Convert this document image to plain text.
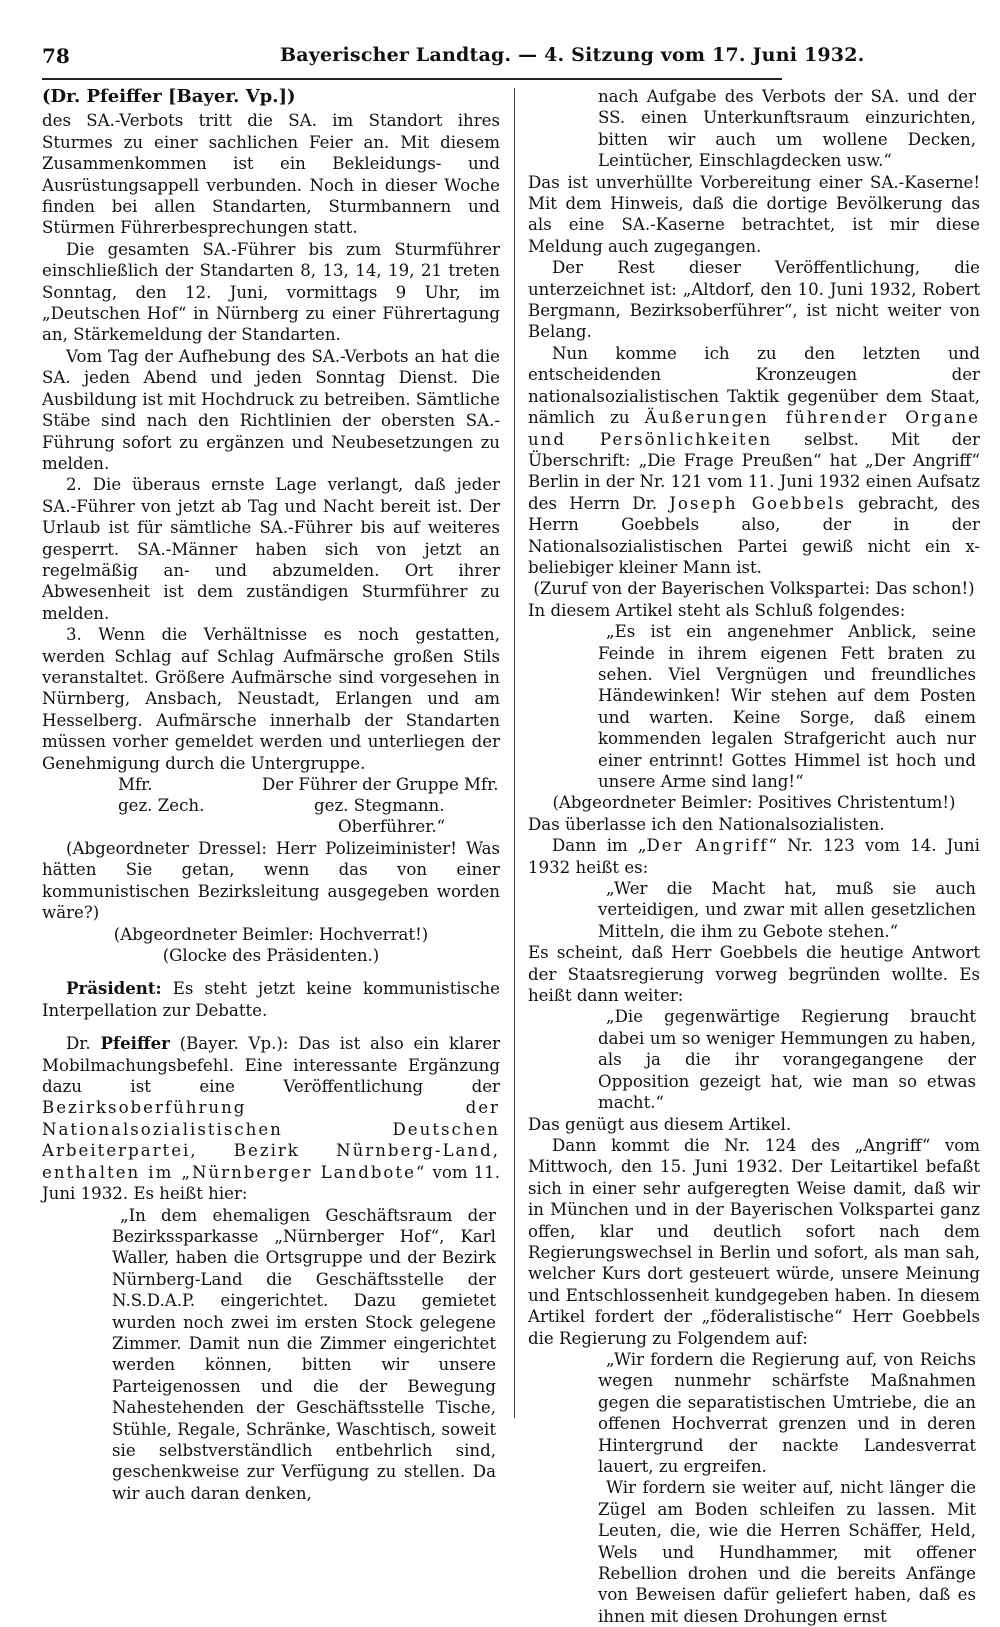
78	Bayerischer Landtag. — 4. Sitzung vom 17. Juni 1932.

(Dr. Pfeiffer [Bayer. Vp.])

des SA.-Verbots tritt die SA. im Standort ihres Sturmes zu einer sachlichen Feier an. Mit diesem Zusammenkommen ist ein Bekleidungs- und Ausrüstungsappell verbunden. Noch in dieser Woche finden bei allen Standarten, Sturmbannern und Stürmen Führerbesprechungen statt.

Die gesamten SA.-Führer bis zum Sturmführer einschließlich der Standarten 8, 13, 14, 19, 21 treten Sonntag, den 12. Juni, vormittags 9 Uhr, im „Deutschen Hof“ in Nürnberg zu einer Führertagung an, Stärkemeldung der Standarten.

Vom Tag der Aufhebung des SA.-Verbots an hat die SA. jeden Abend und jeden Sonntag Dienst. Die Ausbildung ist mit Hochdruck zu betreiben. Sämtliche Stäbe sind nach den Richtlinien der obersten SA.-Führung sofort zu ergänzen und Neubesetzungen zu melden.

2. Die überaus ernste Lage verlangt, daß jeder SA.-Führer von jetzt ab Tag und Nacht bereit ist. Der Urlaub ist für sämtliche SA.-Führer bis auf weiteres gesperrt. SA.-Männer haben sich von jetzt an regelmäßig an- und abzumelden. Ort ihrer Abwesenheit ist dem zuständigen Sturmführer zu melden.

3. Wenn die Verhältnisse es noch gestatten, werden Schlag auf Schlag Aufmärsche großen Stils veranstaltet. Größere Aufmärsche sind vorgesehen in Nürnberg, Ansbach, Neustadt, Erlangen und am Hesselberg. Aufmärsche innerhalb der Standarten müssen vorher gemeldet werden und unterliegen der Genehmigung durch die Untergruppe.

Mfr.
gez. Zech.
Der Führer der Gruppe Mfr.
gez. Stegmann.
Oberführer.“

(Abgeordneter Dressel: Herr Polizeiminister! Was hätten Sie getan, wenn das von einer kommunistischen Bezirksleitung ausgegeben worden wäre?)

(Abgeordneter Beimler: Hochverrat!)

(Glocke des Präsidenten.)

Präsident: Es steht jetzt keine kommunistische Interpellation zur Debatte.

Dr. Pfeiffer (Bayer. Vp.): Das ist also ein klarer Mobilmachungsbefehl. Eine interessante Ergänzung dazu ist eine Veröffentlichung der Bezirksoberführung der Nationalsozialistischen Deutschen Arbeiterpartei, Bezirk Nürnberg-Land, enthalten im „Nürnberger Landbote“ vom 11. Juni 1932. Es heißt hier:

„In dem ehemaligen Geschäftsraum der Bezirkssparkasse „Nürnberger Hof“, Karl Waller, haben die Ortsgruppe und der Bezirk Nürnberg-Land die Geschäftsstelle der N.S.D.A.P. eingerichtet. Dazu gemietet wurden noch zwei im ersten Stock gelegene Zimmer. Damit nun die Zimmer eingerichtet werden können, bitten wir unsere Parteigenossen und die der Bewegung Nahestehenden der Geschäftsstelle Tische, Stühle, Regale, Schränke, Waschtisch, soweit sie selbstverständlich entbehrlich sind, geschenkweise zur Verfügung zu stellen. Da wir auch daran denken,

nach Aufgabe des Verbots der SA. und der SS. einen Unterkunftsraum einzurichten, bitten wir auch um wollene Decken, Leintücher, Einschlagdecken usw.“

Das ist unverhüllte Vorbereitung einer SA.-Kaserne! Mit dem Hinweis, daß die dortige Bevölkerung das als eine SA.-Kaserne betrachtet, ist mir diese Meldung auch zugegangen.

Der Rest dieser Veröffentlichung, die unterzeichnet ist: „Altdorf, den 10. Juni 1932, Robert Bergmann, Bezirksoberführer“, ist nicht weiter von Belang.

Nun komme ich zu den letzten und entscheidenden Kronzeugen der nationalsozialistischen Taktik gegenüber dem Staat, nämlich zu Äußerungen führender Organe und Persönlichkeiten selbst. Mit der Überschrift: „Die Frage Preußen“ hat „Der Angriff“ Berlin in der Nr. 121 vom 11. Juni 1932 einen Aufsatz des Herrn Dr. Joseph Goebbels gebracht, des Herrn Goebbels also, der in der Nationalsozialistischen Partei gewiß nicht ein x-beliebiger kleiner Mann ist.

(Zuruf von der Bayerischen Volkspartei: Das schon!)

In diesem Artikel steht als Schluß folgendes:

„Es ist ein angenehmer Anblick, seine Feinde in ihrem eigenen Fett braten zu sehen. Viel Vergnügen und freundliches Händewinken! Wir stehen auf dem Posten und warten. Keine Sorge, daß einem kommenden legalen Strafgericht auch nur einer entrinnt! Gottes Himmel ist hoch und unsere Arme sind lang!“

(Abgeordneter Beimler: Positives Christentum!)

Das überlasse ich den Nationalsozialisten.

Dann im „Der Angriff“ Nr. 123 vom 14. Juni 1932 heißt es:

„Wer die Macht hat, muß sie auch verteidigen, und zwar mit allen gesetzlichen Mitteln, die ihm zu Gebote stehen.“

Es scheint, daß Herr Goebbels die heutige Antwort der Staatsregierung vorweg begründen wollte. Es heißt dann weiter:

„Die gegenwärtige Regierung braucht dabei um so weniger Hemmungen zu haben, als ja die ihr vorangegangene der Opposition gezeigt hat, wie man so etwas macht.“

Das genügt aus diesem Artikel.

Dann kommt die Nr. 124 des „Angriff“ vom Mittwoch, den 15. Juni 1932. Der Leitartikel befaßt sich in einer sehr aufgeregten Weise damit, daß wir in München und in der Bayerischen Volkspartei ganz offen, klar und deutlich sofort nach dem Regierungswechsel in Berlin und sofort, als man sah, welcher Kurs dort gesteuert würde, unsere Meinung und Entschlossenheit kundgegeben haben. In diesem Artikel fordert der „föderalistische“ Herr Goebbels die Regierung zu Folgendem auf:

„Wir fordern die Regierung auf, von Reichs wegen nunmehr schärfste Maßnahmen gegen die separatistischen Umtriebe, die an offenen Hochverrat grenzen und in deren Hintergrund der nackte Landesverrat lauert, zu ergreifen.

Wir fordern sie weiter auf, nicht länger die Zügel am Boden schleifen zu lassen. Mit Leuten, die, wie die Herren Schäffer, Held, Wels und Hundhammer, mit offener Rebellion drohen und die bereits Anfänge von Beweisen dafür geliefert haben, daß es ihnen mit diesen Drohungen ernst
